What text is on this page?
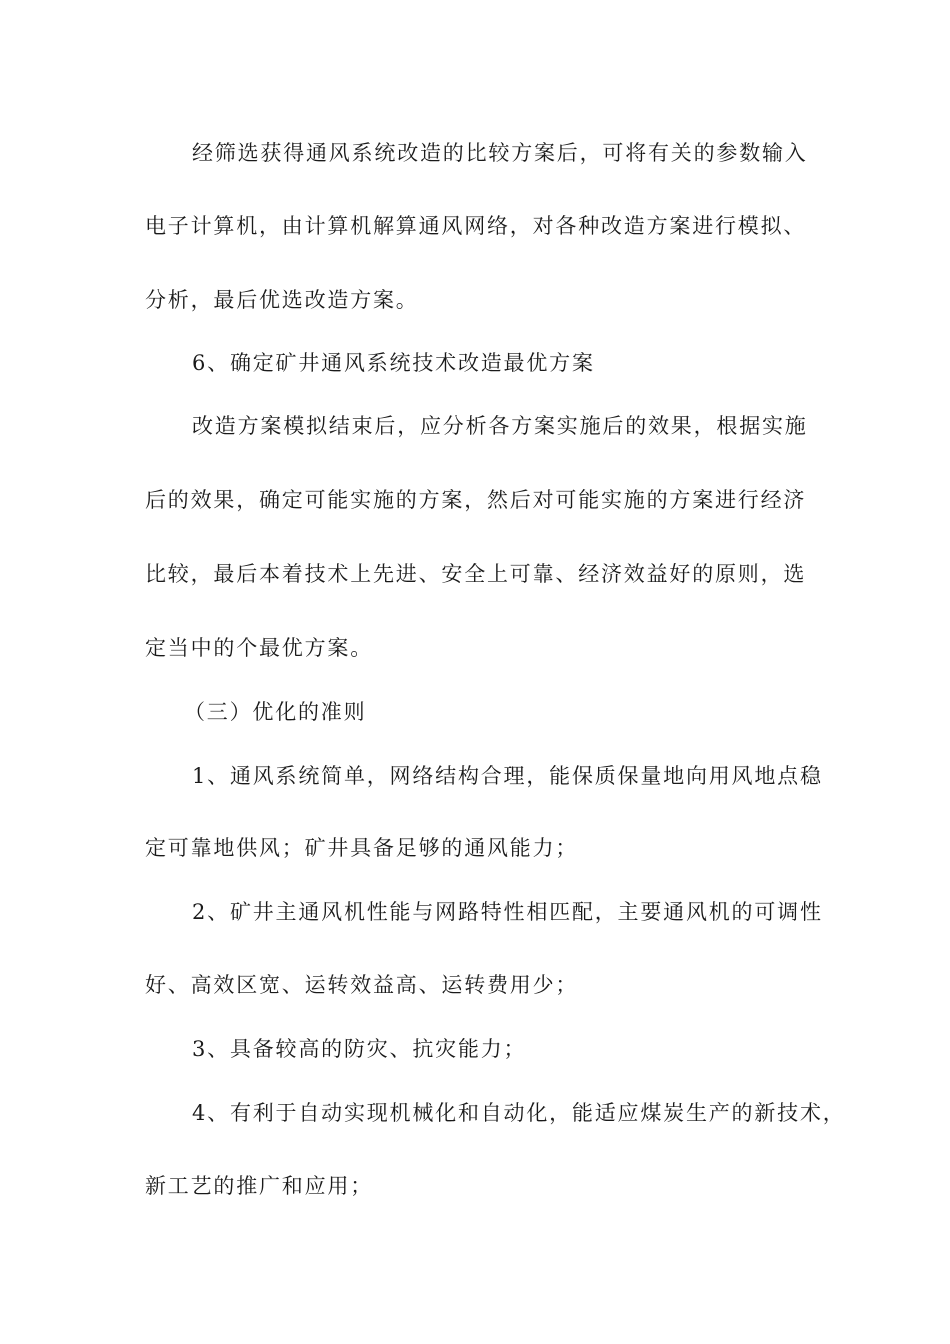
经筛选获得通风系统改造的比较方案后，可将有关的参数输入
电子计算机，由计算机解算通风网络，对各种改造方案进行模拟、
分析，最后优选改造方案。
6、确定矿井通风系统技术改造最优方案
改造方案模拟结束后，应分析各方案实施后的效果，根据实施
后的效果，确定可能实施的方案，然后对可能实施的方案进行经济
比较，最后本着技术上先进、安全上可靠、经济效益好的原则，选
定当中的个最优方案。
（三）优化的准则
1、通风系统简单，网络结构合理，能保质保量地向用风地点稳
定可靠地供风；矿井具备足够的通风能力；
2、矿井主通风机性能与网路特性相匹配，主要通风机的可调性
好、高效区宽、运转效益高、运转费用少；
3、具备较高的防灾、抗灾能力；
4、有利于自动实现机械化和自动化，能适应煤炭生产的新技术，
新工艺的推广和应用；
